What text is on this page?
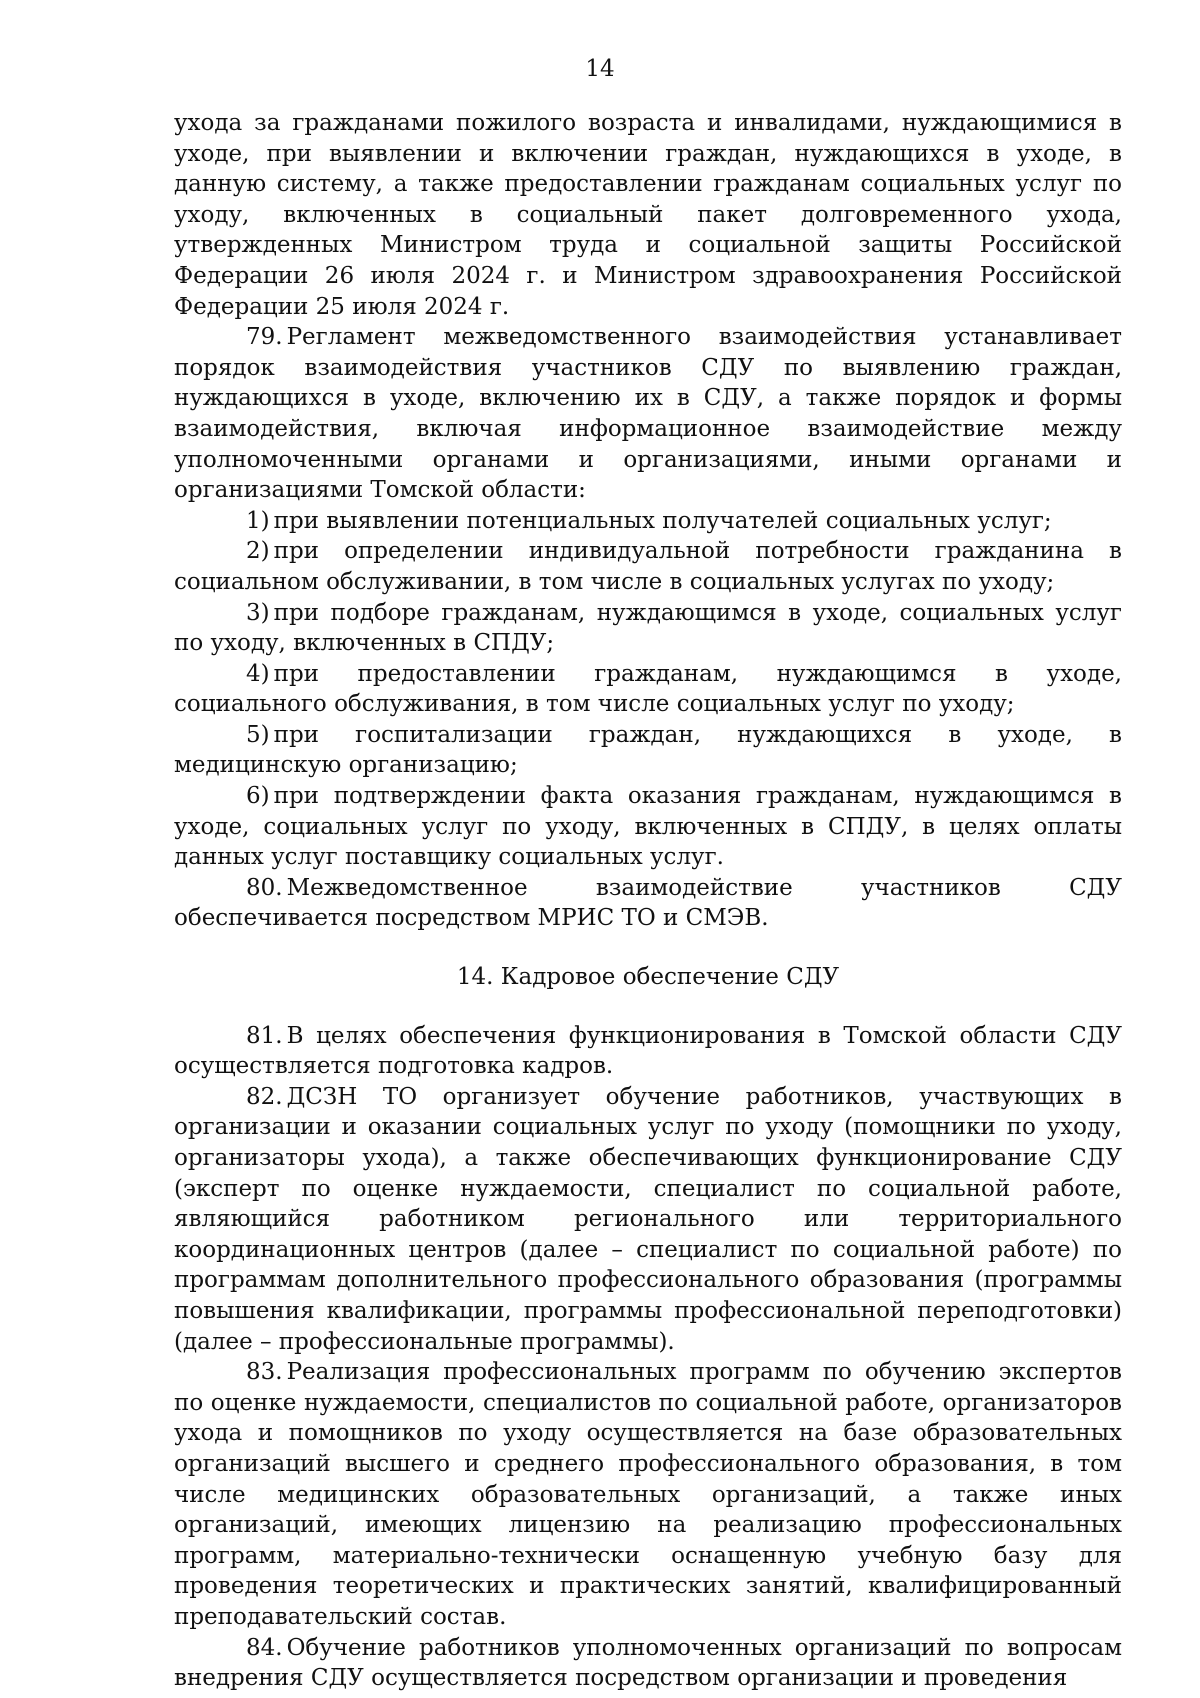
14

ухода за гражданами пожилого возраста и инвалидами, нуждающимися в уходе, при выявлении и включении граждан, нуждающихся в уходе, в данную систему, а также предоставлении гражданам социальных услуг по уходу, включенных в социальный пакет долговременного ухода, утвержденных Министром труда и социальной защиты Российской Федерации 26 июля 2024 г. и Министром здравоохранения Российской Федерации 25 июля 2024 г.

79. Регламент межведомственного взаимодействия устанавливает порядок взаимодействия участников СДУ по выявлению граждан, нуждающихся в уходе, включению их в СДУ, а также порядок и формы взаимодействия, включая информационное взаимодействие между уполномоченными органами и организациями, иными органами и организациями Томской области:

1) при выявлении потенциальных получателей социальных услуг;

2) при определении индивидуальной потребности гражданина в социальном обслуживании, в том числе в социальных услугах по уходу;

3) при подборе гражданам, нуждающимся в уходе, социальных услуг по уходу, включенных в СПДУ;

4) при предоставлении гражданам, нуждающимся в уходе, социального обслуживания, в том числе социальных услуг по уходу;

5) при госпитализации граждан, нуждающихся в уходе, в медицинскую организацию;

6) при подтверждении факта оказания гражданам, нуждающимся в уходе, социальных услуг по уходу, включенных в СПДУ, в целях оплаты данных услуг поставщику социальных услуг.

80. Межведомственное взаимодействие участников СДУ обеспечивается посредством МРИС ТО и СМЭВ.

14. Кадровое обеспечение СДУ

81. В целях обеспечения функционирования в Томской области СДУ осуществляется подготовка кадров.

82. ДСЗН ТО организует обучение работников, участвующих в организации и оказании социальных услуг по уходу (помощники по уходу, организаторы ухода), а также обеспечивающих функционирование СДУ (эксперт по оценке нуждаемости, специалист по социальной работе, являющийся работником регионального или территориального координационных центров (далее – специалист по социальной работе) по программам дополнительного профессионального образования (программы повышения квалификации, программы профессиональной переподготовки) (далее – профессиональные программы).

83. Реализация профессиональных программ по обучению экспертов по оценке нуждаемости, специалистов по социальной работе, организаторов ухода и помощников по уходу осуществляется на базе образовательных организаций высшего и среднего профессионального образования, в том числе медицинских образовательных организаций, а также иных организаций, имеющих лицензию на реализацию профессиональных программ, материально-технически оснащенную учебную базу для проведения теоретических и практических занятий, квалифицированный преподавательский состав.

84. Обучение работников уполномоченных организаций по вопросам внедрения СДУ осуществляется посредством организации и проведения
